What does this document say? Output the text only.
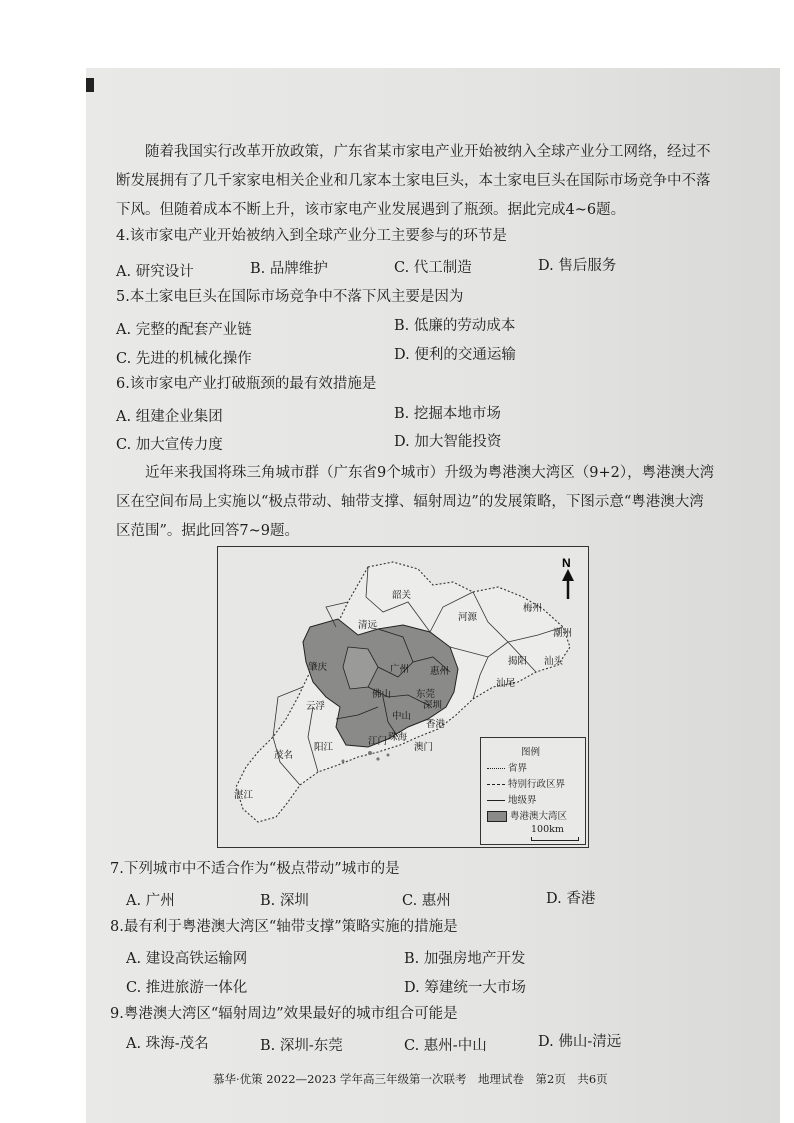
随着我国实行改革开放政策，广东省某市家电产业开始被纳入全球产业分工网络，经过不断发展拥有了几千家家电相关企业和几家本土家电巨头，本土家电巨头在国际市场竞争中不落下风。但随着成本不断上升，该市家电产业发展遇到了瓶颈。据此完成4~6题。
4.该市家电产业开始被纳入到全球产业分工主要参与的环节是
A. 研究设计	B. 品牌维护	C. 代工制造	D. 售后服务
5.本土家电巨头在国际市场竞争中不落下风主要是因为
A. 完整的配套产业链	B. 低廉的劳动成本
C. 先进的机械化操作	D. 便利的交通运输
6.该市家电产业打破瓶颈的最有效措施是
A. 组建企业集团	B. 挖掘本地市场
C. 加大宣传力度	D. 加大智能投资
近年来我国将珠三角城市群（广东省9个城市）升级为粤港澳大湾区（9+2），粤港澳大湾区在空间布局上实施以“极点带动、轴带支撑、辐射周边”的发展策略，下图示意“粤港澳大湾区范围”。据此回答7~9题。
N
韶关
清远
河源
梅州
潮州
肇庆	广州 惠州
揭阳 汕头
佛山	东莞
汕尾
云浮
中山
深圳
香港
茂名
阳江
江门 珠海
澳门
湛江
图例
省界
特别行政区界
地级界
粤港澳大湾区
100km
7.下列城市中不适合作为“极点带动”城市的是
A. 广州	B. 深圳	C. 惠州	D. 香港
8.最有利于粤港澳大湾区“轴带支撑”策略实施的措施是
A. 建设高铁运输网	B. 加强房地产开发
C. 推进旅游一体化	D. 筹建统一大市场
9.粤港澳大湾区“辐射周边”效果最好的城市组合可能是
A. 珠海-茂名	B. 深圳-东莞	C. 惠州-中山	D. 佛山-清远
慕华·优策 2022—2023 学年高三年级第一次联考　地理试卷　第2页　共6页
